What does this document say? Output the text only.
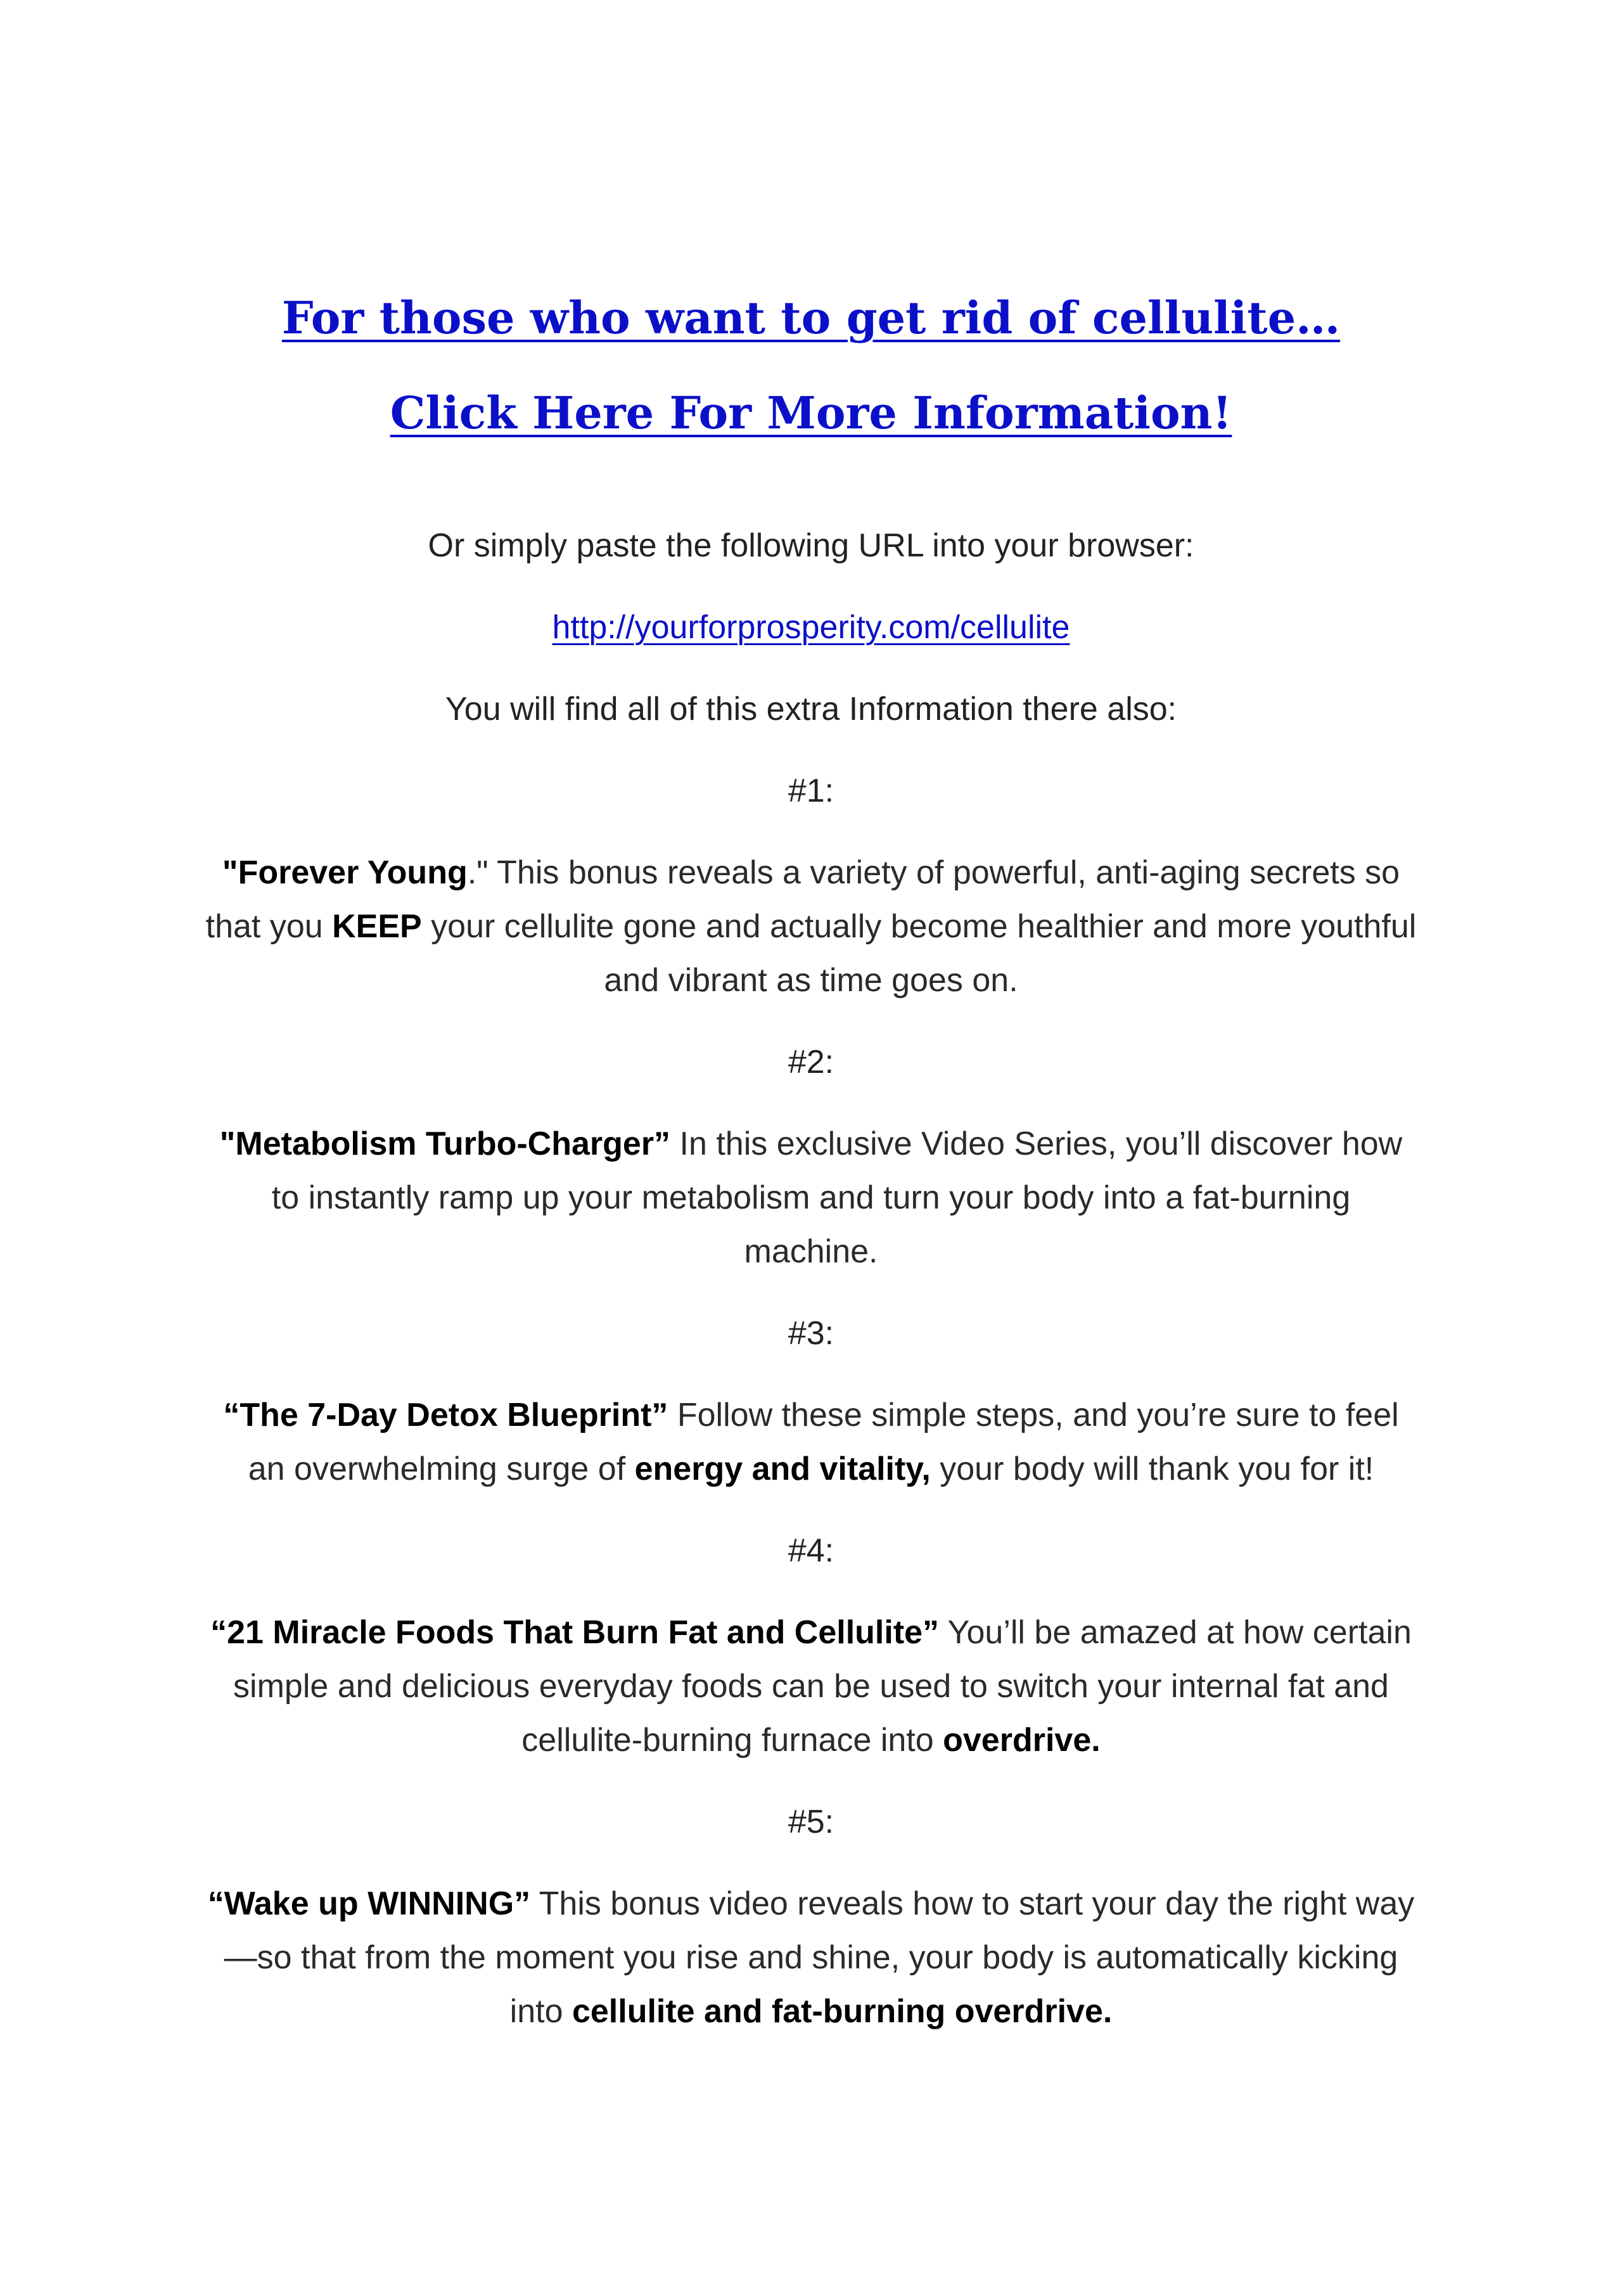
For those who want to get rid of cellulite…
Click Here For More Information!

Or simply paste the following URL into your browser:

http://yourforprosperity.com/cellulite

You will find all of this extra Information there also:

#1:

"Forever Young." This bonus reveals a variety of powerful, anti-aging secrets so that you KEEP your cellulite gone and actually become healthier and more youthful and vibrant as time goes on.

#2:

"Metabolism Turbo-Charger” In this exclusive Video Series, you’ll discover how to instantly ramp up your metabolism and turn your body into a fat-burning machine.

#3:

“The 7-Day Detox Blueprint” Follow these simple steps, and you’re sure to feel an overwhelming surge of energy and vitality, your body will thank you for it!

#4:

“21 Miracle Foods That Burn Fat and Cellulite” You’ll be amazed at how certain simple and delicious everyday foods can be used to switch your internal fat and cellulite-burning furnace into overdrive.

#5:

“Wake up WINNING” This bonus video reveals how to start your day the right way—so that from the moment you rise and shine, your body is automatically kicking into cellulite and fat-burning overdrive.
